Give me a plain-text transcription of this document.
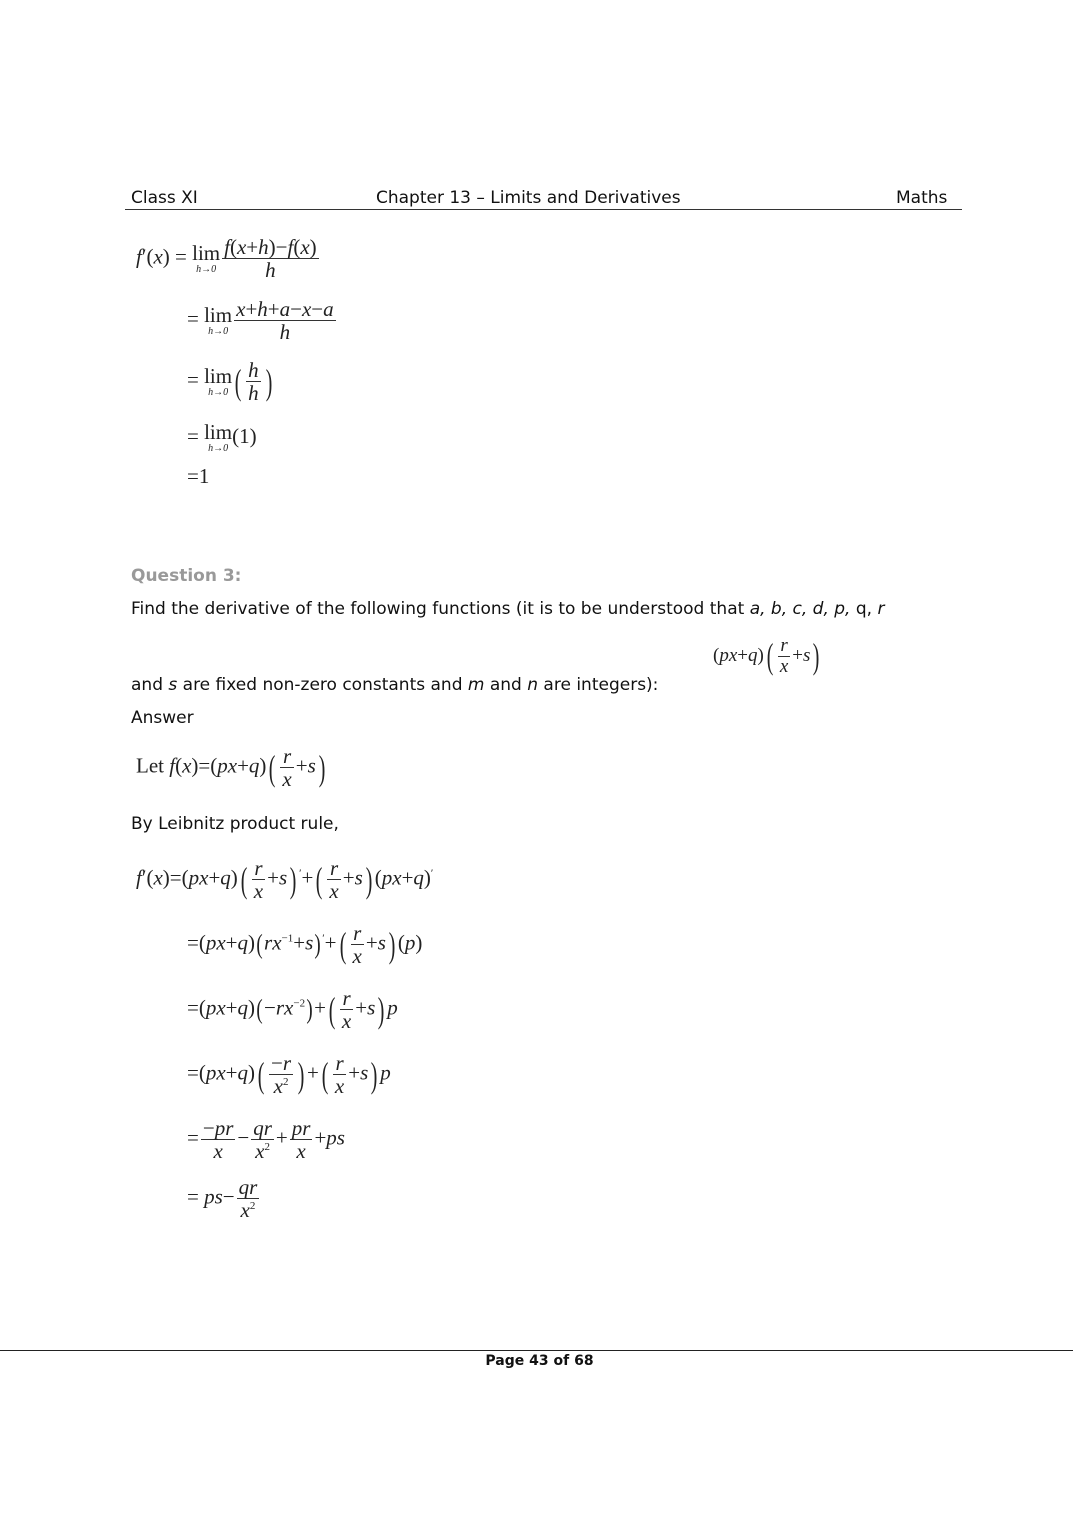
Class XI	Chapter 13 – Limits and Derivatives	Maths
f′(x) = lim
$h\to 0 \frac{f(x+h)-f(x)}{h}$
= lim
$h\to 0 \frac{x+h+a-x-a}{h}$
= lim
h→0 ( $\frac{h}{h}$ )
= lim
h→0
(1)
=1
Question 3:
Find the derivative of the following functions (it is to be understood that a, b, c, d, p, q, r
and s are fixed non-zero constants and m and n are integers):
$(px+q)( \frac{r}{x} +s)$
Answer
Let $f(x)=(px+q)( \frac{r}{x} +s)$
By Leibnitz product rule,
$f'(x)=(px+q)( \frac{r}{x} +s)$ $'+( \frac{r}{x} +s)$ (px+q)′
$=(px+q)(rx^{-1}+s)'+( \frac{r}{x} +s)$ (p)
$=(px+q)(-rx^{-2})+( \frac{r}{x} +s)$ p
$=(px+q)( \frac{-r}{x^2}$ ) +( $\frac{r}{x} +s$) p
= $\frac{-pr}{x} - \frac{qr}{x^2} + \frac{pr}{x} +ps$
= $ps- \frac{qr}{x^2}$
Page 43 of 68
